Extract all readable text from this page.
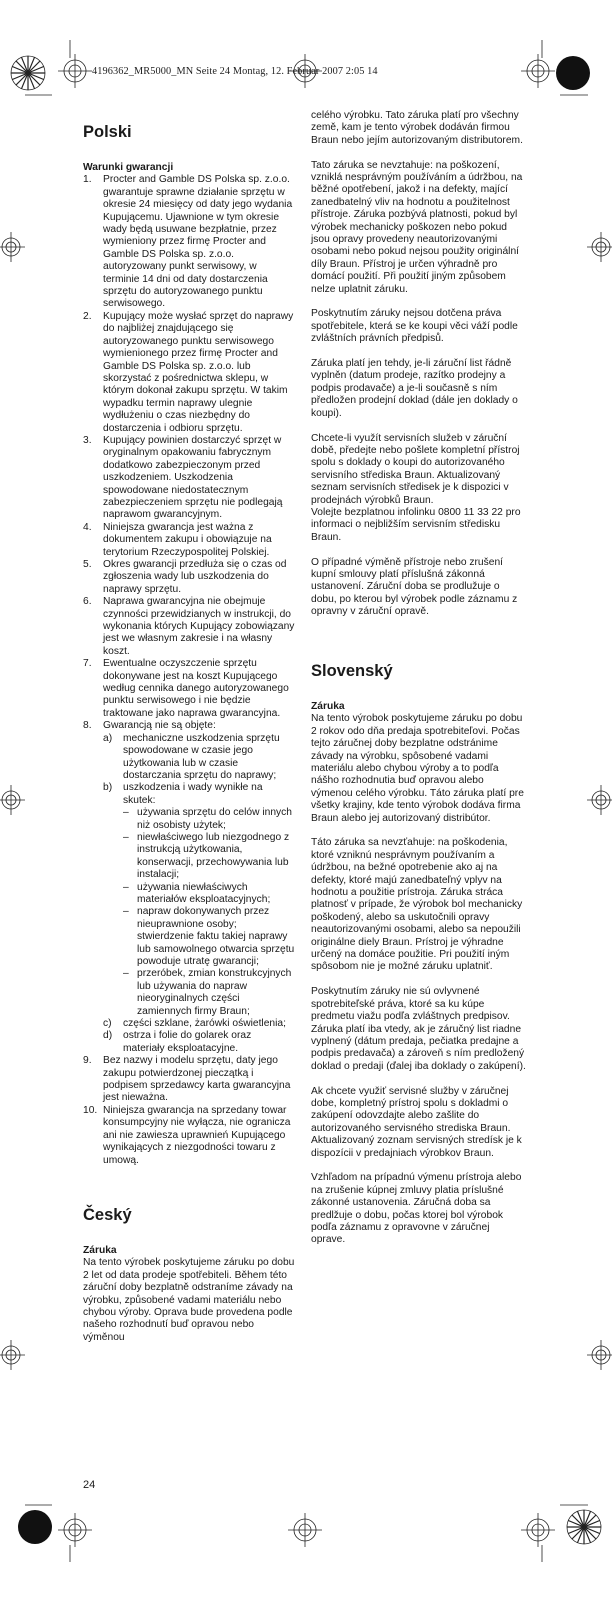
4196362_MR5000_MN Seite 24 Montag, 12. Februar 2007 2:05 14
Polski
Warunki gwarancji
1. Procter and Gamble DS Polska sp. z.o.o. gwarantuje sprawne działanie sprzętu w okresie 24 miesięcy od daty jego wydania Kupującemu. Ujawnione w tym okresie wady będą usuwane bezpłatnie, przez wymieniony przez firmę Procter and Gamble DS Polska sp. z.o.o. autoryzowany punkt serwisowy, w terminie 14 dni od daty dostarczenia sprzętu do autoryzowanego punktu serwisowego.
2. Kupujący może wysłać sprzęt do naprawy do najbliżej znajdującego się autoryzowanego punktu serwisowego wymienionego przez firmę Procter and Gamble DS Polska sp. z.o.o. lub skorzystać z pośrednictwa sklepu, w którym dokonał zakupu sprzętu. W takim wypadku termin naprawy ulegnie wydłużeniu o czas niezbędny do dostarczenia i odbioru sprzętu.
3. Kupujący powinien dostarczyć sprzęt w oryginalnym opakowaniu fabrycznym dodatkowo zabezpieczonym przed uszkodzeniem. Uszkodzenia spowodowane niedostatecznym zabezpieczeniem sprzętu nie podlegają naprawom gwarancyjnym.
4. Niniejsza gwarancja jest ważna z dokumentem zakupu i obowiązuje na terytorium Rzeczypospolitej Polskiej.
5. Okres gwarancji przedłuża się o czas od zgłoszenia wady lub uszkodzenia do naprawy sprzętu.
6. Naprawa gwarancyjna nie obejmuje czynności przewidzianych w instrukcji, do wykonania których Kupujący zobowiązany jest we własnym zakresie i na własny koszt.
7. Ewentualne oczyszczenie sprzętu dokonywane jest na koszt Kupującego według cennika danego autoryzowanego punktu serwisowego i nie będzie traktowane jako naprawa gwarancyjna.
8. Gwarancją nie są objęte:
a) mechaniczne uszkodzenia sprzętu spowodowane w czasie jego użytkowania lub w czasie dostarczania sprzętu do naprawy;
b) uszkodzenia i wady wynikłe na skutek:
– używania sprzętu do celów innych niż osobisty użytek;
– niewłaściwego lub niezgodnego z instrukcją użytkowania, konserwacji, przechowywania lub instalacji;
– używania niewłaściwych materiałów eksploatacyjnych;
– napraw dokonywanych przez nieuprawnione osoby; stwierdzenie faktu takiej naprawy lub samowolnego otwarcia sprzętu powoduje utratę gwarancji;
– przeróbek, zmian konstrukcyjnych lub używania do napraw nieoryginalnych części zamiennych firmy Braun;
c) części szklane, żarówki oświetlenia;
d) ostrza i folie do golarek oraz materiały eksploatacyjne.
9. Bez nazwy i modelu sprzętu, daty jego zakupu potwierdzonej pieczątką i podpisem sprzedawcy karta gwarancyjna jest nieważna.
10. Niniejsza gwarancja na sprzedany towar konsumpcyjny nie wyłącza, nie ogranicza ani nie zawiesza uprawnień Kupującego wynikających z niezgodności towaru z umową.
Český
Záruka

Na tento výrobek poskytujeme záruku po dobu 2 let od data prodeje spotřebiteli. Během této záruční doby bezplatně odstraníme závady na výrobku, způsobené vadami materiálu nebo chybou výroby. Oprava bude provedena podle našeho rozhodnutí buď opravou nebo výměnou

celého výrobku. Tato záruka platí pro všechny země, kam je tento výrobek dodáván firmou Braun nebo jejím autorizovaným distributorem.

Tato záruka se nevztahuje: na poškození, vzniklá nesprávným používáním a údržbou, na běžné opotřebení, jakož i na defekty, mající zanedbatelný vliv na hodnotu a použitelnost přístroje. Záruka pozbývá platnosti, pokud byl výrobek mechanicky poškozen nebo pokud jsou opravy provedeny neautorizovanými osobami nebo pokud nejsou použity originální díly Braun. Přístroj je určen výhradně pro domácí použití. Při použití jiným způsobem nelze uplatnit záruku.

Poskytnutím záruky nejsou dotčena práva spotřebitele, která se ke koupi věci váží podle zvláštních právních předpisů.

Záruka platí jen tehdy, je-li záruční list řádně vyplněn (datum prodeje, razítko prodejny a podpis prodavače) a je-li současně s ním předložen prodejní doklad (dále jen doklady o koupi).

Chcete-li využít servisních služeb v záruční době, předejte nebo pošlete kompletní přístroj spolu s doklady o koupi do autorizovaného servisního střediska Braun. Aktualizovaný seznam servisních středisek je k dispozici v prodejnách výrobků Braun.

Volejte bezplatnou infolinku 0800 11 33 22 pro informaci o nejbližším servisním středisku Braun.

O případné výměně přístroje nebo zrušení kupní smlouvy platí příslušná zákonná ustanovení. Záruční doba se prodlužuje o dobu, po kterou byl výrobek podle záznamu z opravny v záruční opravě.

Slovenský
Záruka

Na tento výrobok poskytujeme záruku po dobu 2 rokov odo dňa predaja spotrebiteľovi. Počas tejto záručnej doby bezplatne odstránime závady na výrobku, spôsobené vadami materiálu alebo chybou výroby a to podľa nášho rozhodnutia buď opravou alebo výmenou celého výrobku. Táto záruka platí pre všetky krajiny, kde tento výrobok dodáva firma Braun alebo jej autorizovaný distribútor.

Táto záruka sa nevzťahuje: na poškodenia, ktoré vzniknú nesprávnym používaním a údržbou, na bežné opotrebenie ako aj na defekty, ktoré majú zanedbateľný vplyv na hodnotu a použitie prístroja. Záruka stráca platnosť v prípade, že výrobok bol mechanicky poškodený, alebo sa uskutočnili opravy neautorizovanými osobami, alebo sa nepoužili originálne diely Braun. Prístroj je výhradne určený na domáce použitie. Pri použití iným spôsobom nie je možné záruku uplatniť.

Poskytnutím záruky nie sú ovlyvnené spotrebiteľské práva, ktoré sa ku kúpe predmetu viažu podľa zvláštnych predpisov.

Záruka platí iba vtedy, ak je záručný list riadne vyplnený (dátum predaja, pečiatka predajne a podpis predavača) a zároveň s ním predložený doklad o predaji (ďalej iba doklady o zakúpení).

Ak chcete využiť servisné služby v záručnej dobe, kompletný prístroj spolu s dokladmi o zakúpení odovzdajte alebo zašlite do autorizovaného servisného strediska Braun. Aktualizovaný zoznam servisných stredísk je k dispozícii v predajniach výrobkov Braun.

Vzhľadom na prípadnú výmenu prístroja alebo na zrušenie kúpnej zmluvy platia príslušné zákonné ustanovenia. Záručná doba sa predlžuje o dobu, počas ktorej bol výrobok podľa záznamu z opravovne v záručnej oprave.

24
